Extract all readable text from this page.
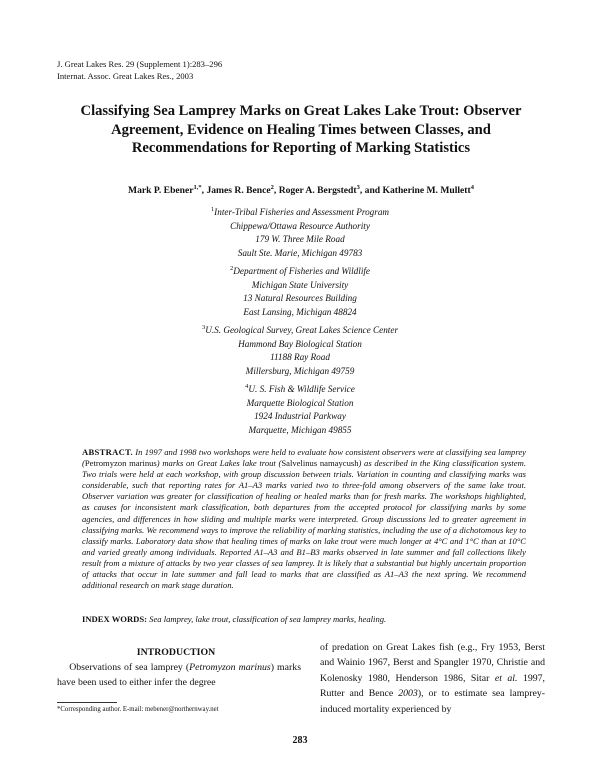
J. Great Lakes Res. 29 (Supplement 1):283–296
Internat. Assoc. Great Lakes Res., 2003
Classifying Sea Lamprey Marks on Great Lakes Lake Trout: Observer
Agreement, Evidence on Healing Times between Classes, and
Recommendations for Reporting of Marking Statistics
Mark P. Ebener$^{1,*}$, James R. Bence$^2$, Roger A. Bergstedt$^3$, and Katherine M. Mullett$^4$
$^1$Inter-Tribal Fisheries and Assessment Program
Chippewa/Ottawa Resource Authority
179 W. Three Mile Road
Sault Ste. Marie, Michigan 49783
$^2$Department of Fisheries and Wildlife
Michigan State University
13 Natural Resources Building
East Lansing, Michigan 48824
$^3$U.S. Geological Survey, Great Lakes Science Center
Hammond Bay Biological Station
11188 Ray Road
Millersburg, Michigan 49759
$^4$U. S. Fish & Wildlife Service
Marquette Biological Station
1924 Industrial Parkway
Marquette, Michigan 49855
ABSTRACT. In 1997 and 1998 two workshops were held to evaluate how consistent observers were at classifying sea lamprey (Petromyzon marinus) marks on Great Lakes lake trout (Salvelinus namaycush) as described in the King classification system. Two trials were held at each workshop, with group discussion between trials. Variation in counting and classifying marks was considerable, such that reporting rates for A1–A3 marks varied two to three-fold among observers of the same lake trout. Observer variation was greater for classification of healing or healed marks than for fresh marks. The workshops highlighted, as causes for inconsistent mark classification, both departures from the accepted protocol for classifying marks by some agencies, and differences in how sliding and multiple marks were interpreted. Group discussions led to greater agreement in classifying marks. We recommend ways to improve the reliability of marking statistics, including the use of a dichotomous key to classify marks. Laboratory data show that healing times of marks on lake trout were much longer at 4°C and 1°C than at 10°C and varied greatly among individuals. Reported A1–A3 and B1–B3 marks observed in late summer and fall collections likely result from a mixture of attacks by two year classes of sea lamprey. It is likely that a substantial but highly uncertain proportion of attacks that occur in late summer and fall lead to marks that are classified as A1–A3 the next spring. We recommend additional research on mark stage duration.
INDEX WORDS: Sea lamprey, lake trout, classification of sea lamprey marks, healing.
INTRODUCTION
Observations of sea lamprey (Petromyzon marinus) marks have been used to either infer the degree
*Corresponding author. E-mail: mebener@northernway.net
of predation on Great Lakes fish (e.g., Fry 1953, Berst and Wainio 1967, Berst and Spangler 1970, Christie and Kolenosky 1980, Henderson 1986, Sitar et al. 1997, Rutter and Bence 2003), or to estimate sea lamprey-induced mortality experienced by
283
